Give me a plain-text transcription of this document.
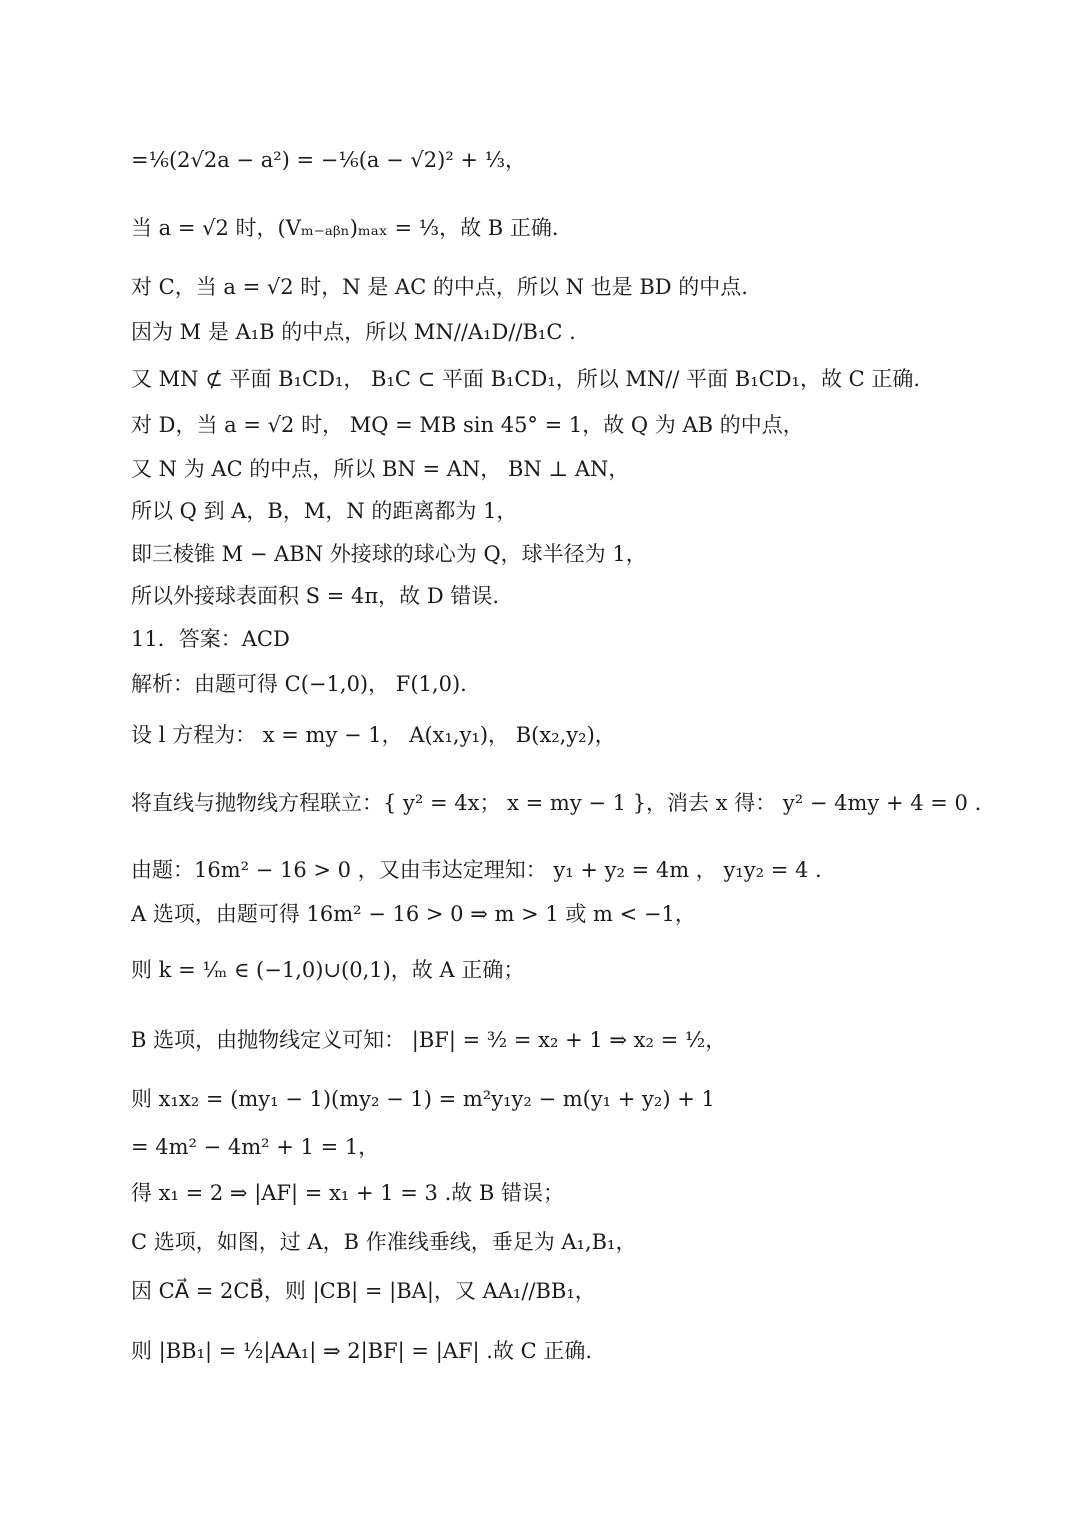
=¹⁄₆(2√2a − a²) = −¹⁄₆(a − √2)² + ¹⁄₃，
当 a = √2 时，(Vₘ₋ₐᵦₙ)ₘₐₓ = ¹⁄₃，故 B 正确.
对 C，当 a = √2 时，N 是 AC 的中点，所以 N 也是 BD 的中点.
因为 M 是 A₁B 的中点，所以 MN//A₁D//B₁C .
又 MN ⊄ 平面 B₁CD₁， B₁C ⊂ 平面 B₁CD₁，所以 MN// 平面 B₁CD₁，故 C 正确.
对 D，当 a = √2 时， MQ = MB sin 45° = 1，故 Q 为 AB 的中点，
又 N 为 AC 的中点，所以 BN = AN， BN ⊥ AN，
所以 Q 到 A，B，M，N 的距离都为 1，
即三棱锥 M − ABN 外接球的球心为 Q，球半径为 1，
所以外接球表面积 S = 4π，故 D 错误.
11．答案：ACD
解析：由题可得 C(−1,0)， F(1,0).
设 l 方程为： x = my − 1， A(x₁,y₁)， B(x₂,y₂)，
将直线与抛物线方程联立：{ y² = 4x； x = my − 1 }，消去 x 得： y² − 4my + 4 = 0 .
由题：16m² − 16 > 0 ，又由韦达定理知： y₁ + y₂ = 4m ， y₁y₂ = 4 .
A 选项，由题可得 16m² − 16 > 0 ⇒ m > 1 或 m < −1，
则 k = ¹⁄ₘ ∈ (−1,0)∪(0,1)，故 A 正确；
B 选项，由抛物线定义可知： |BF| = ³⁄₂ = x₂ + 1 ⇒ x₂ = ¹⁄₂，
则 x₁x₂ = (my₁ − 1)(my₂ − 1) = m²y₁y₂ − m(y₁ + y₂) + 1
= 4m² − 4m² + 1 = 1，
得 x₁ = 2 ⇒ |AF| = x₁ + 1 = 3 .故 B 错误；
C 选项，如图，过 A，B 作准线垂线，垂足为 A₁,B₁，
因 CA⃗ = 2CB⃗，则 |CB| = |BA|，又 AA₁//BB₁，
则 |BB₁| = ¹⁄₂|AA₁| ⇒ 2|BF| = |AF| .故 C 正确.
